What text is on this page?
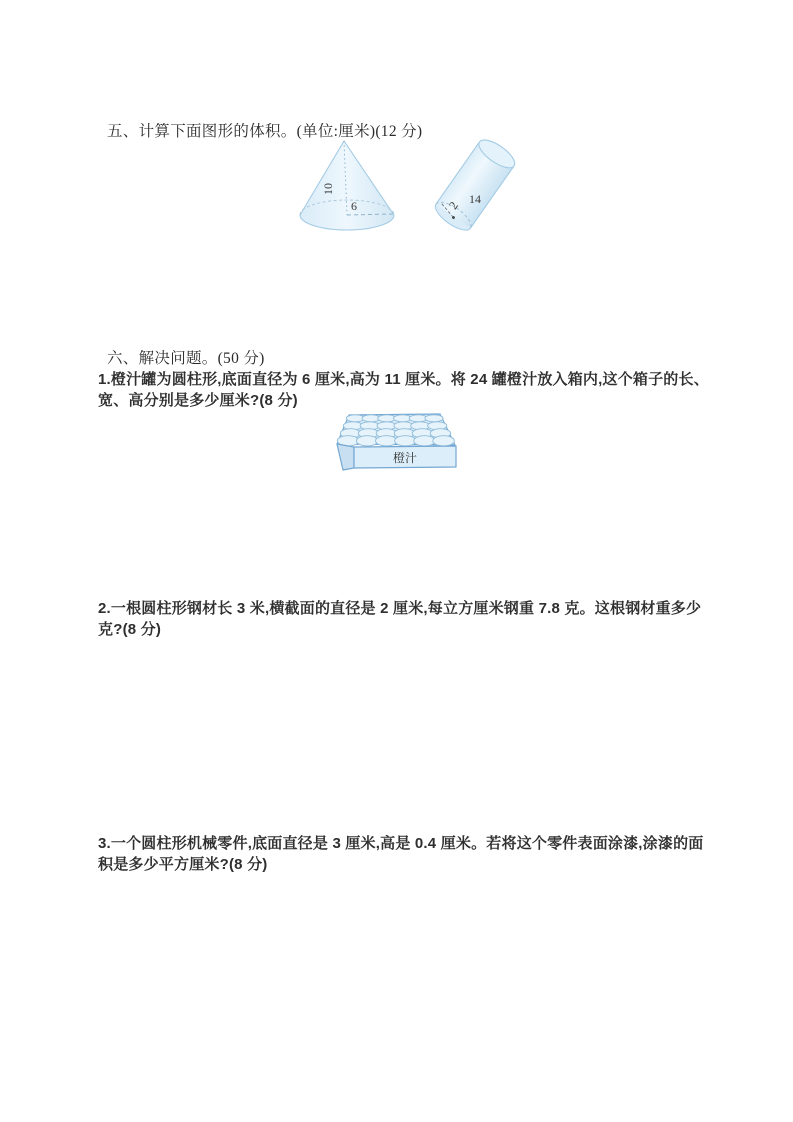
五、计算下面图形的体积。(单位:厘米)(12 分)
10
6	2 14
六、解决问题。(50 分)
1.橙汁罐为圆柱形,底面直径为 6 厘米,高为 11 厘米。将 24 罐橙汁放入箱内,这个箱子的长、
宽、高分别是多少厘米?(8 分)
橙汁
2.一根圆柱形钢材长 3 米,横截面的直径是 2 厘米,每立方厘米钢重 7.8 克。这根钢材重多少
克?(8 分)
3.一个圆柱形机械零件,底面直径是 3 厘米,高是 0.4 厘米。若将这个零件表面涂漆,涂漆的面
积是多少平方厘米?(8 分)
